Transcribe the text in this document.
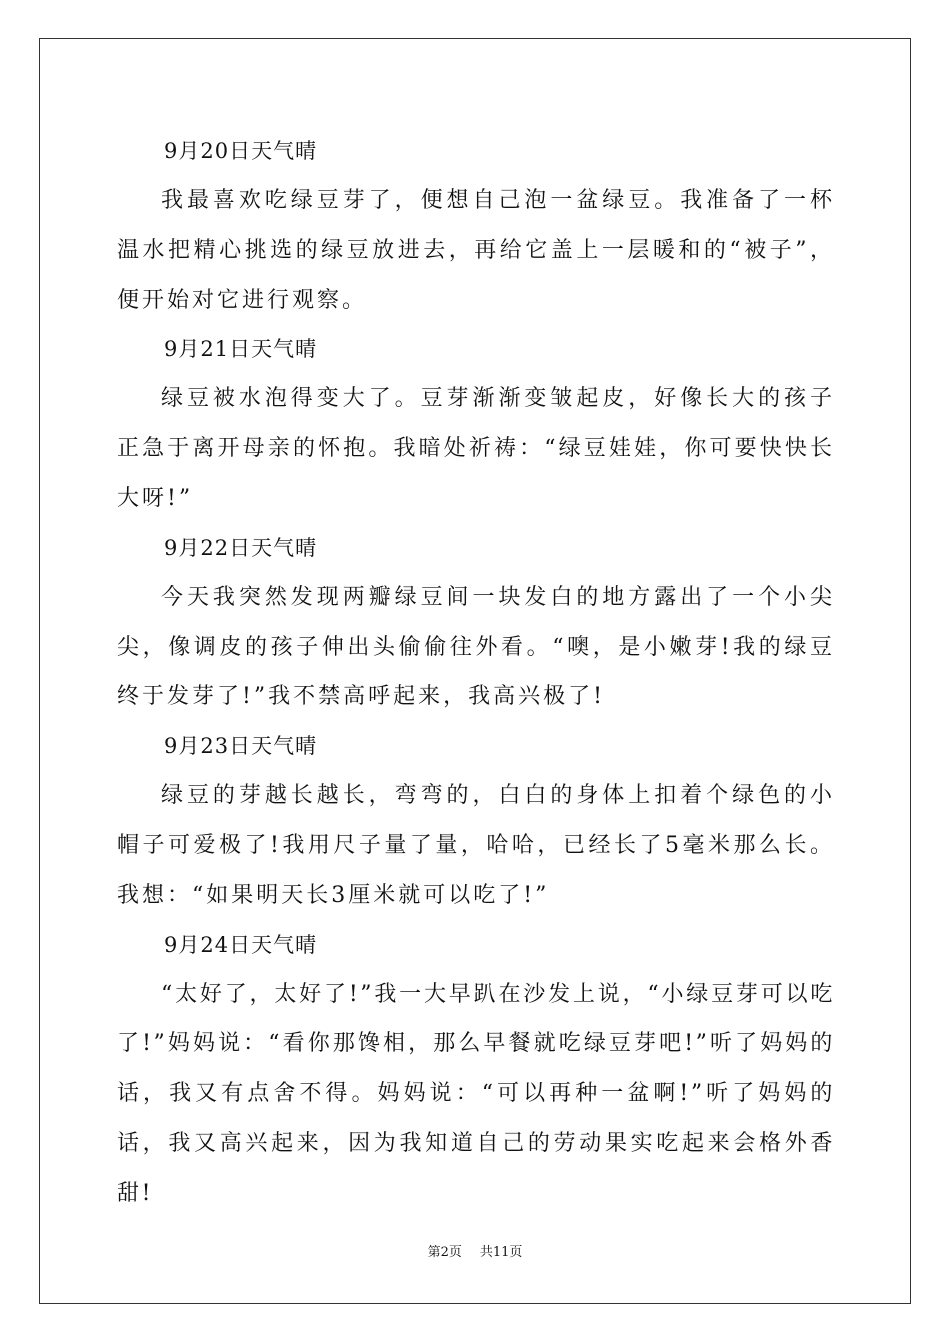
9月20日天气晴

我最喜欢吃绿豆芽了，便想自己泡一盆绿豆。我准备了一杯温水把精心挑选的绿豆放进去，再给它盖上一层暖和的“被子”，便开始对它进行观察。

9月21日天气晴

绿豆被水泡得变大了。豆芽渐渐变皱起皮，好像长大的孩子正急于离开母亲的怀抱。我暗处祈祷：“绿豆娃娃，你可要快快长大呀!”

9月22日天气晴

今天我突然发现两瓣绿豆间一块发白的地方露出了一个小尖尖，像调皮的孩子伸出头偷偷往外看。“噢，是小嫩芽!我的绿豆终于发芽了!”我不禁高呼起来，我高兴极了!

9月23日天气晴

绿豆的芽越长越长，弯弯的，白白的身体上扣着个绿色的小帽子可爱极了!我用尺子量了量，哈哈，已经长了5毫米那么长。我想：“如果明天长3厘米就可以吃了!”

9月24日天气晴

“太好了，太好了!”我一大早趴在沙发上说，“小绿豆芽可以吃了!”妈妈说：“看你那馋相，那么早餐就吃绿豆芽吧!”听了妈妈的话，我又有点舍不得。妈妈说：“可以再种一盆啊!”听了妈妈的话，我又高兴起来，因为我知道自己的劳动果实吃起来会格外香甜!

第2页 共11页
